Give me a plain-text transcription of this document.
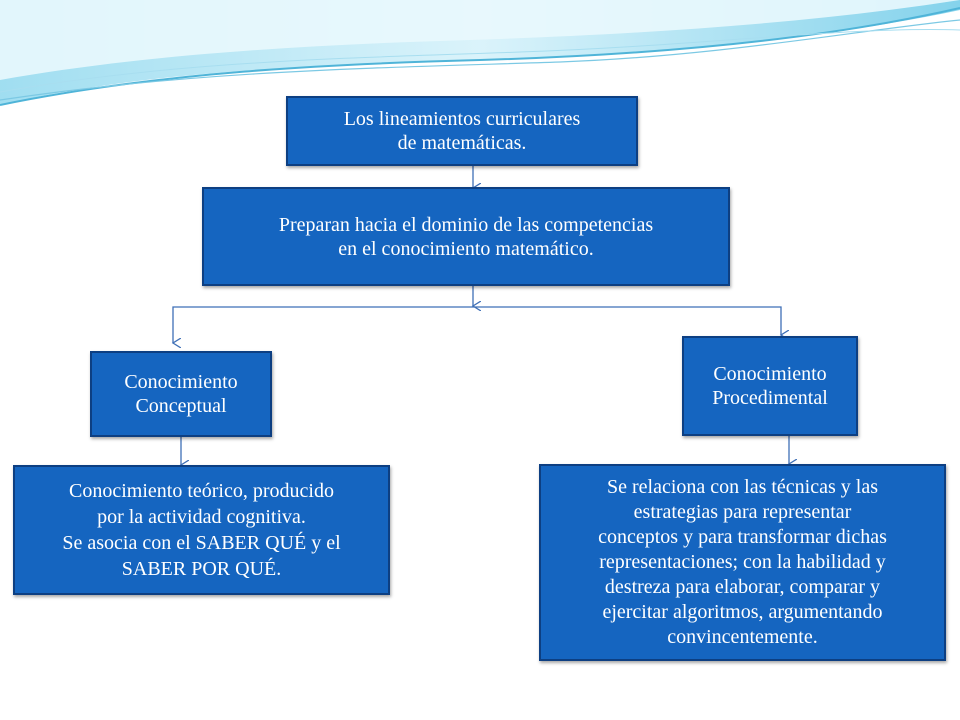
Los lineamientos curriculares
de matemáticas.
Preparan hacia el dominio de las competencias
en el conocimiento matemático.
Conocimiento
Conceptual
Conocimiento
Procedimental
Conocimiento teórico, producido
por la actividad cognitiva.
Se asocia con el SABER QUÉ y el
SABER POR QUÉ.
Se relaciona con las técnicas y las
estrategias para representar
conceptos y para transformar dichas
representaciones; con la habilidad y
destreza para elaborar, comparar y
ejercitar algoritmos, argumentando
convincentemente.
